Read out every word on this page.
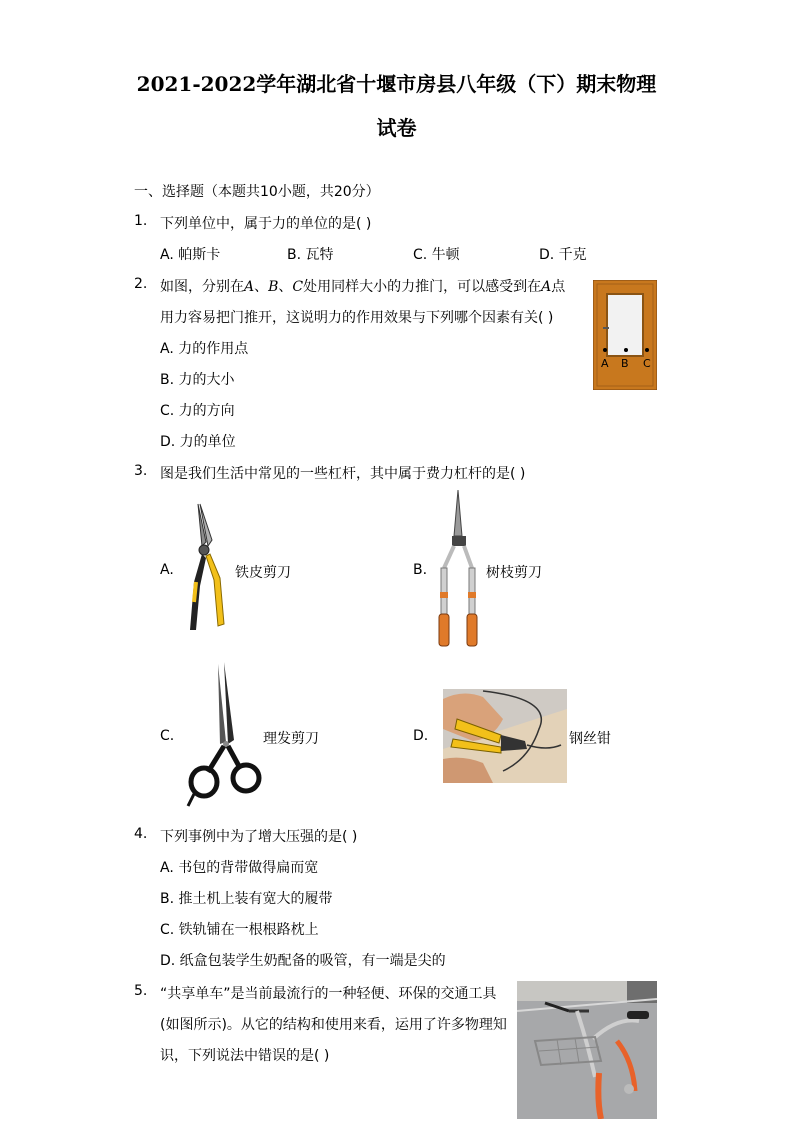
2021-2022学年湖北省十堰市房县八年级（下）期末物理
试卷
一、选择题（本题共10小题，共20分）
1. 下列单位中，属于力的单位的是( )
A. 帕斯卡	B. 瓦特	C. 牛顿	D. 千克
2. 如图，分别在A、B、C处用同样大小的力推门，可以感受到在A点
用力容易把门推开，这说明力的作用效果与下列哪个因素有关( )
A. 力的作用点
B. 力的大小
C. 力的方向
D. 力的单位
A B C
3. 图是我们生活中常见的一些杠杆，其中属于费力杠杆的是( )
A.	铁皮剪刀	B.	树枝剪刀
C.	理发剪刀	D.	钢丝钳
4. 下列事例中为了增大压强的是( )
A. 书包的背带做得扁而宽
B. 推土机上装有宽大的履带
C. 铁轨铺在一根根路枕上
D. 纸盒包装学生奶配备的吸管，有一端是尖的
5. “共享单车”是当前最流行的一种轻便、环保的交通工具
(如图所示)。从它的结构和使用来看，运用了许多物理知
识，下列说法中错误的是( )
